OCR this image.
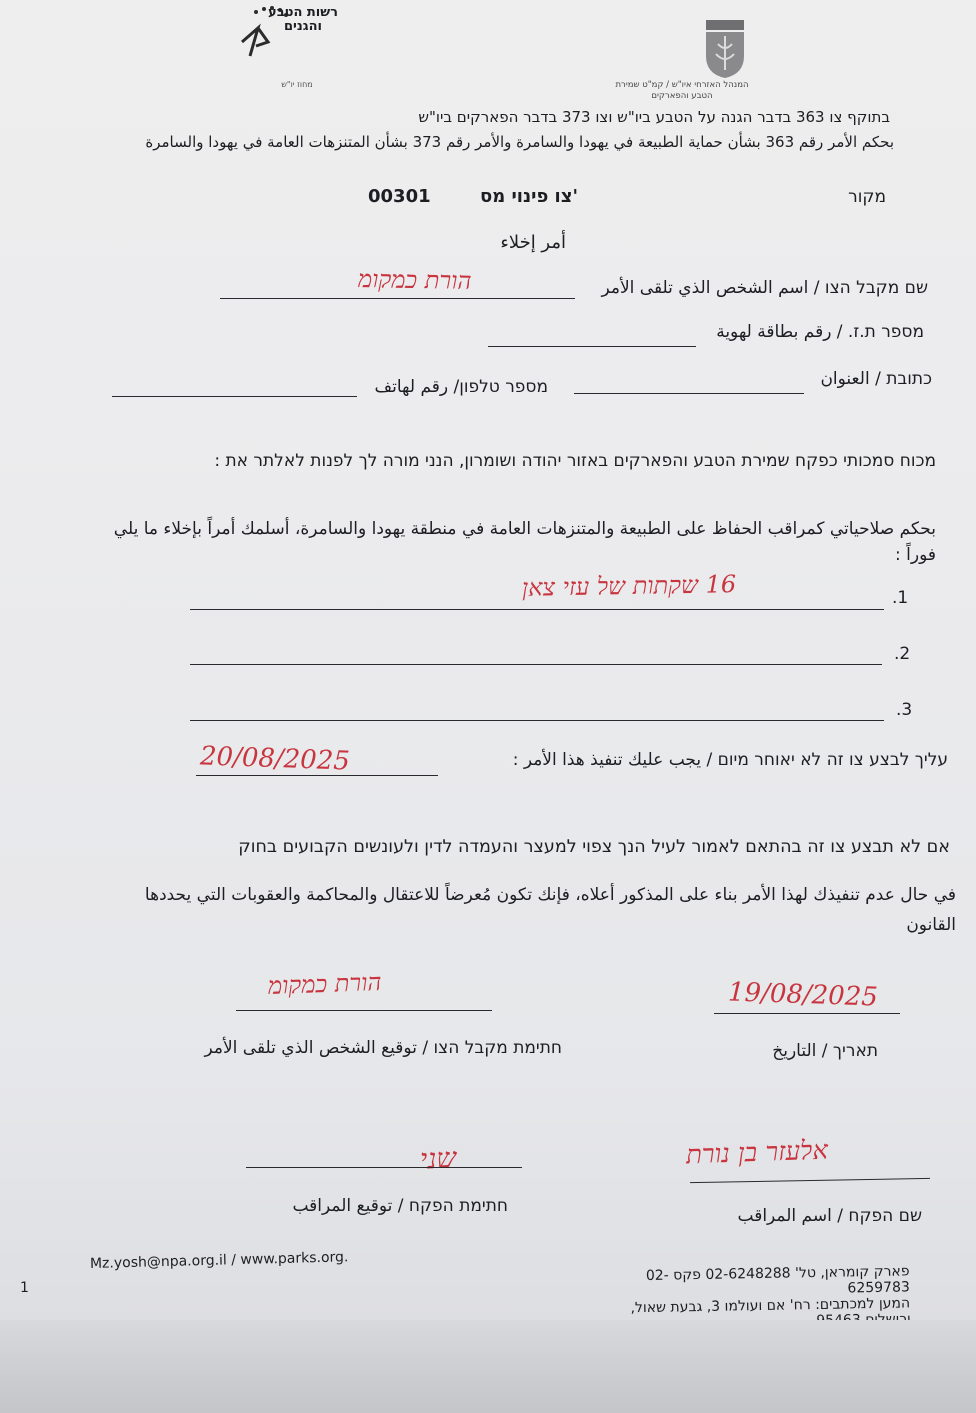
רשות הטבע והגנים
מחוז יו"ש	המנהל האזרחי איו"ש / קמ"ט שמירת הטבע והפארקים
בתוקף צו 363 בדבר הגנה על הטבע ביו"ש וצו 373 בדבר הפארקים ביו"ש
بحكم الأمر رقم 363 بشأن حماية الطبيعة في يهودا والسامرة والأمر رقم 373 بشأن المتنزهات العامة في يهودا والسامرة
מקור
צו פינוי מס'
00301
أمر إخلاء
שם מקבל הצו / اسم الشخص الذي تلقى الأمر
הורת כמקומ
מספר ת.ז. / رقم بطاقة لهوية
כתובת / العنوان
מספר טלפון/ رقم لهاتف
מכוח סמכותי כפקח שמירת הטבע והפארקים באזור יהודה ושומרון, הנני מורה לך לפנות לאלתר את :
بحكم صلاحياتي كمراقب الحفاظ على الطبيعة والمتنزهات العامة في منطقة يهودا والسامرة، أسلمك أمراً بإخلاء ما يلي فوراً :
.1
16 שקתות של עזי צאן
.2
.3
עליך לבצע צו זה לא יאוחר מיום / يجب عليك تنفيذ هذا الأمر :
20/08/2025
אם לא תבצע צו זה בהתאם לאמור לעיל הנך צפוי למעצר והעמדה לדין ולעונשים הקבועים בחוק
في حال عدم تنفيذك لهذا الأمر بناء على المذكور أعلاه، فإنك تكون مُعرضاً للاعتقال والمحاكمة والعقوبات التي يحددها القانون
הורת כמקומ
חתימת מקבל הצו / توقيع الشخص الذي تلقى الأمر
19/08/2025
תאריך / التاريخ
שני
חתימת הפקח / توقيع المراقب
אלעזר בן נורת
שם הפקח / اسم المراقب
Mz.yosh@npa.org.il / www.parks.org.
פארק קומראן, טל' 02-6248288 פקס 02-6259783
המען למכתבים: רח' אם ועולמו 3, גבעת שאול,
1
